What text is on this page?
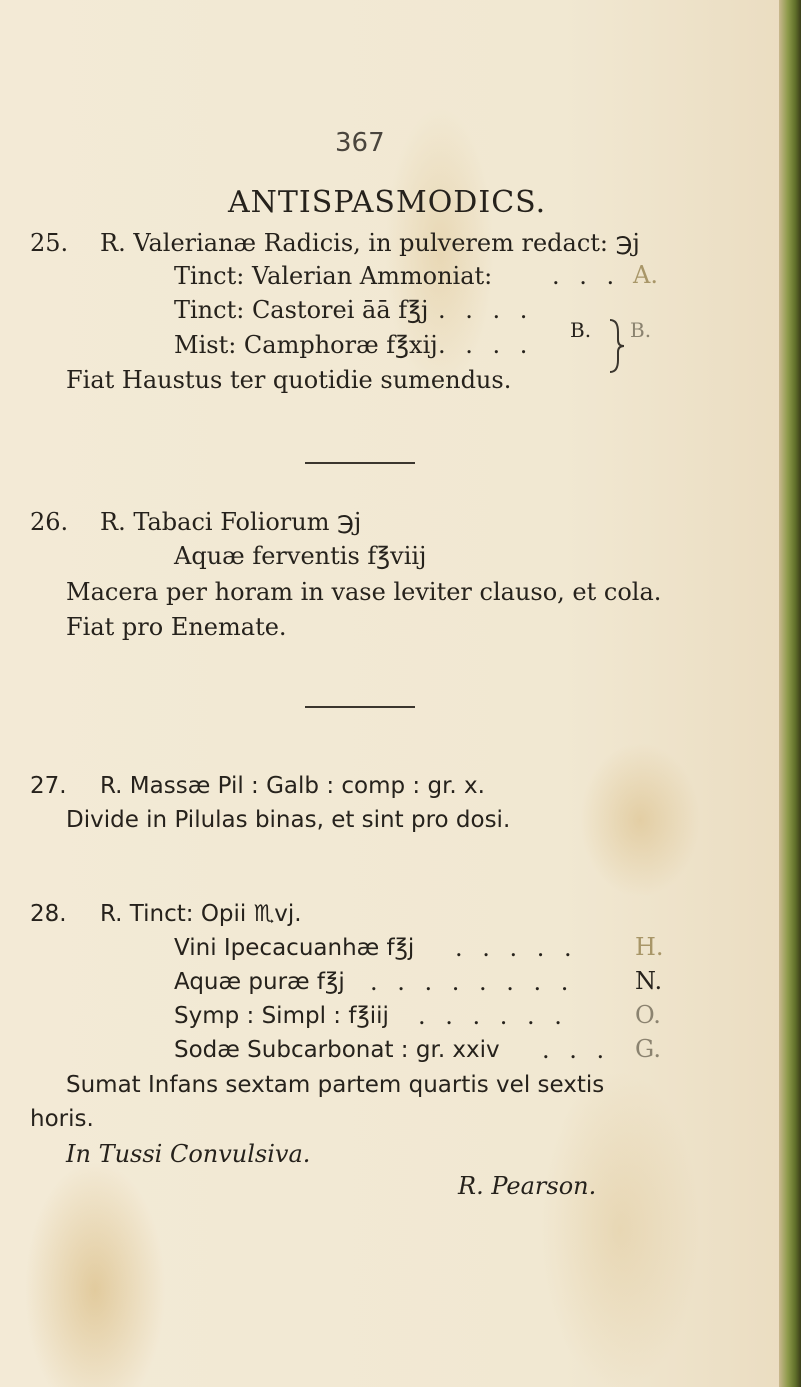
367
ANTISPASMODICS.
25. R. Valerianæ Radicis, in pulverem redact: ℈j
Tinct: Valerian Ammoniat: . . . A.
Tinct: Castorei āā f℥j . . . .
Mist: Camphoræ f℥xij . . . .
B. B.
Fiat Haustus ter quotidie sumendus.
26. R. Tabaci Foliorum ℈j
Aquæ ferventis f℥viij
Macera per horam in vase leviter clauso, et cola.
Fiat pro Enemate.
27. R. Massæ Pil : Galb : comp : gr. x.
Divide in Pilulas binas, et sint pro dosi.
28. R. Tinct: Opii ♏vj.
Vini Ipecacuanhæ f℥j . . . . . H.
Aquæ puræ f℥j . . . . . . . .	N.
Symp : Simpl : f℥iij . . . . . .	O.
Sodæ Subcarbonat : gr. xxiv . . . G.
Sumat Infans sextam partem quartis vel sextis
horis.
In Tussi Convulsiva.
R. Pearson.
